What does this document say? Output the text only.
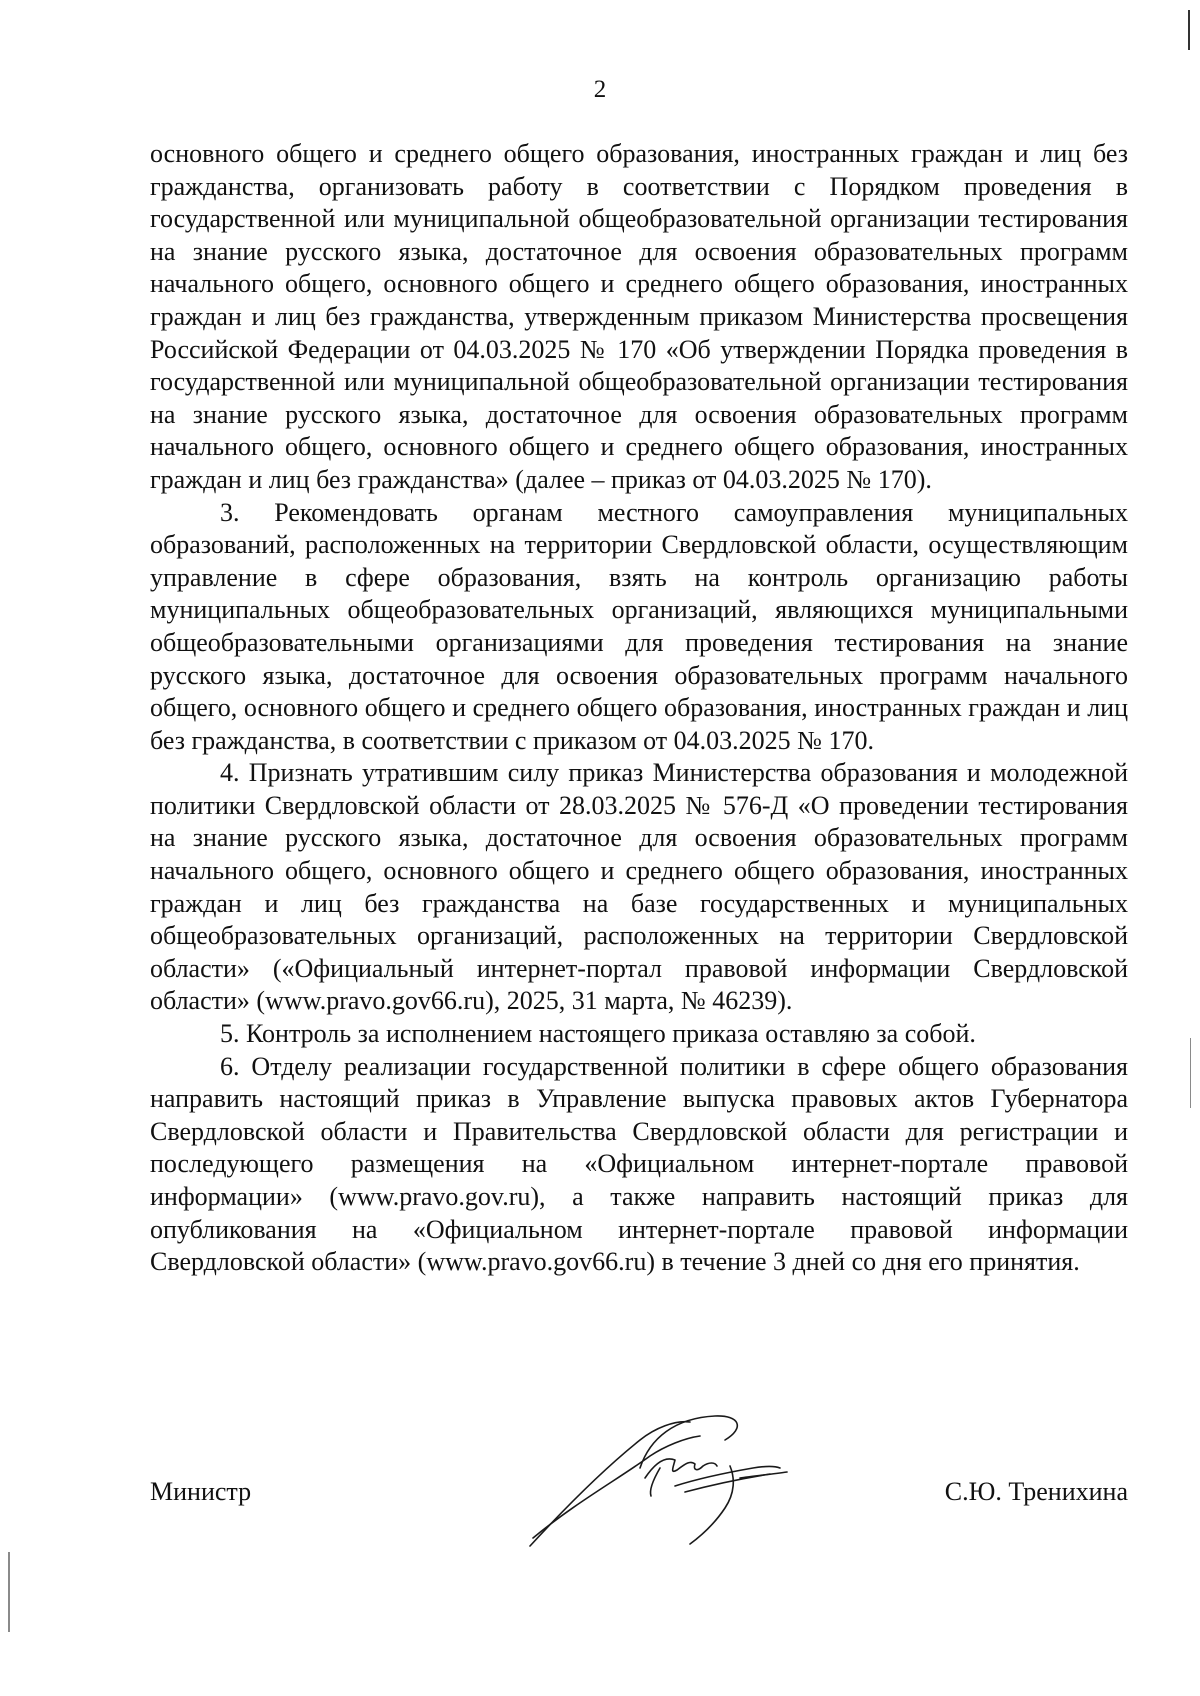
2

основного общего и среднего общего образования, иностранных граждан и лиц без гражданства, организовать работу в соответствии с Порядком проведения в государственной или муниципальной общеобразовательной организации тестирования на знание русского языка, достаточное для освоения образовательных программ начального общего, основного общего и среднего общего образования, иностранных граждан и лиц без гражданства, утвержденным приказом Министерства просвещения Российской Федерации от 04.03.2025 № 170 «Об утверждении Порядка проведения в государственной или муниципальной общеобразовательной организации тестирования на знание русского языка, достаточное для освоения образовательных программ начального общего, основного общего и среднего общего образования, иностранных граждан и лиц без гражданства» (далее – приказ от 04.03.2025 № 170).

3. Рекомендовать органам местного самоуправления муниципальных образований, расположенных на территории Свердловской области, осуществляющим управление в сфере образования, взять на контроль организацию работы муниципальных общеобразовательных организаций, являющихся муниципальными общеобразовательными организациями для проведения тестирования на знание русского языка, достаточное для освоения образовательных программ начального общего, основного общего и среднего общего образования, иностранных граждан и лиц без гражданства, в соответствии с приказом от 04.03.2025 № 170.

4. Признать утратившим силу приказ Министерства образования и молодежной политики Свердловской области от 28.03.2025 № 576-Д «О проведении тестирования на знание русского языка, достаточное для освоения образовательных программ начального общего, основного общего и среднего общего образования, иностранных граждан и лиц без гражданства на базе государственных и муниципальных общеобразовательных организаций, расположенных на территории Свердловской области» («Официальный интернет-портал правовой информации Свердловской области» (www.pravo.gov66.ru), 2025, 31 марта, № 46239).

5. Контроль за исполнением настоящего приказа оставляю за собой.

6. Отделу реализации государственной политики в сфере общего образования направить настоящий приказ в Управление выпуска правовых актов Губернатора Свердловской области и Правительства Свердловской области для регистрации и последующего размещения на «Официальном интернет-портале правовой информации» (www.pravo.gov.ru), а также направить настоящий приказ для опубликования на «Официальном интернет-портале правовой информации Свердловской области» (www.pravo.gov66.ru) в течение 3 дней со дня его принятия.

Министр	С.Ю. Тренихина
